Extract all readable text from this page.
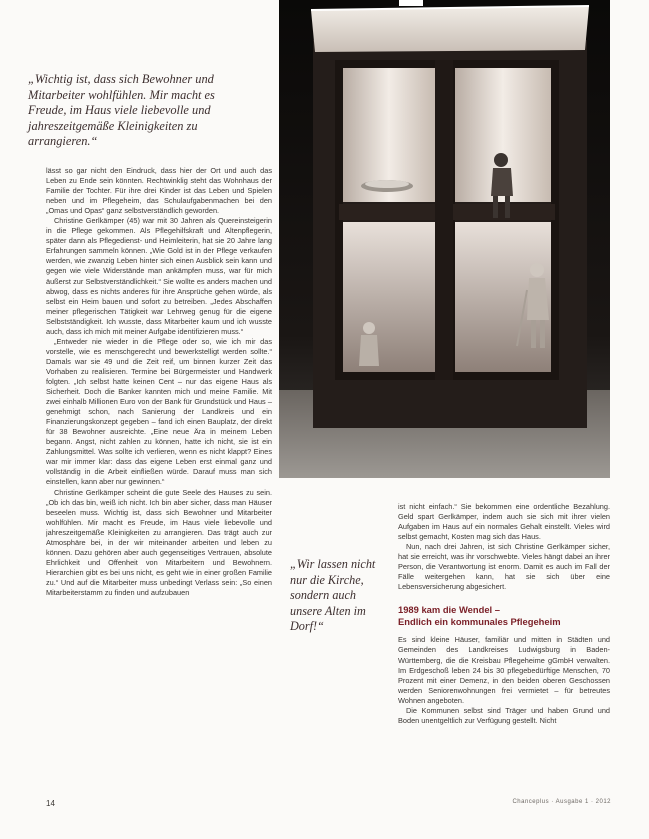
„Wichtig ist, dass sich Bewohner und Mitarbeiter wohlfühlen. Mir macht es Freude, im Haus viele liebevolle und jahreszeitgemäße Kleinigkeiten zu arrangieren.“

lässt so gar nicht den Eindruck, dass hier der Ort und auch das Leben zu Ende sein könnten. Rechtwinklig steht das Wohnhaus der Familie der Tochter. Für ihre drei Kinder ist das Leben und Spielen neben und im Pflegeheim, das Schulaufgabenmachen bei den „Omas und Opas“ ganz selbstverständlich geworden.

Christine Gerlkämper (45) war mit 30 Jahren als Quereinsteigerin in die Pflege gekommen. Als Pflegehilfskraft und Altenpflegerin, später dann als Pflegedienst- und Heimleiterin, hat sie 20 Jahre lang Erfahrungen sammeln können. „Wie Gold ist in der Pflege verkaufen werden, wie zwanzig Leben hinter sich einen Ausblick sein kann und gegen wie viele Widerstände man ankämpfen muss, war für mich äußerst zur Selbstverständlichkeit.“ Sie wollte es anders machen und abwog, dass es nichts anderes für ihre Ansprüche gehen würde, als selbst ein Heim bauen und sofort zu betreiben. „Jedes Abschaffen meiner pflegerischen Tätigkeit war Lehrweg genug für die eigene Selbstständigkeit. Ich wusste, dass Mitarbeiter kaum und ich wusste auch, dass ich mich mit meiner Aufgabe identifizieren muss.“

„Entweder nie wieder in die Pflege oder so, wie ich mir das vorstelle, wie es menschgerecht und bewerkstelligt werden sollte.“ Damals war sie 49 und die Zeit reif, um binnen kurzer Zeit das Vorhaben zu realisieren. Termine bei Bürgermeister und Handwerk folgten. „Ich selbst hatte keinen Cent – nur das eigene Haus als Sicherheit. Doch die Banker kannten mich und meine Familie. Mit zwei einhalb Millionen Euro von der Bank für Grundstück und Haus – genehmigt schon, nach Sanierung der Landkreis und ein Finanzierungskonzept gegeben – fand ich einen Bauplatz, der direkt für 38 Bewohner ausreichte. „Eine neue Ära in meinem Leben begann. Angst, nicht zahlen zu können, hatte ich nicht, sie ist ein Zahlungsmittel. Was sollte ich verlieren, wenn es nicht klappt? Eines war mir immer klar: dass das eigene Leben erst einmal ganz und vollständig in die Arbeit einfließen würde. Darauf muss man sich einstellen, kann aber nur gewinnen.“

Christine Gerlkämper scheint die gute Seele des Hauses zu sein. „Ob ich das bin, weiß ich nicht. Ich bin aber sicher, dass man Häuser beseelen muss. Wichtig ist, dass sich Bewohner und Mitarbeiter wohlfühlen. Mir macht es Freude, im Haus viele liebevolle und jahreszeitgemäße Kleinigkeiten zu arrangieren. Das trägt auch zur Atmosphäre bei, in der wir miteinander arbeiten und leben zu können. Dazu gehören aber auch gegenseitiges Vertrauen, absolute Ehrlichkeit und Offenheit von Mitarbeitern und Bewohnern. Hierarchien gibt es bei uns nicht, es geht wie in einer großen Familie zu.“ Und auf die Mitarbeiter muss unbedingt Verlass sein: „So einen Mitarbeiterstamm zu finden und aufzubauen

„Wir lassen nicht nur die Kirche, sondern auch unsere Alten im Dorf!“

ist nicht einfach.“ Sie bekommen eine ordentliche Bezahlung. Geld spart Gerlkämper, indem auch sie sich mit ihrer vielen Aufgaben im Haus auf ein normales Gehalt einstellt. Vieles wird selbst gemacht, Kosten mag sich das Haus.

Nun, nach drei Jahren, ist sich Christine Gerlkämper sicher, hat sie erreicht, was ihr vorschwebte. Vieles hängt dabei an ihrer Person, die Verantwortung ist enorm. Damit es auch im Fall der Fälle weitergehen kann, hat sie sich über eine Lebensversicherung abgesichert.

1989 kam die Wendel –
Endlich ein kommunales Pflegeheim

Es sind kleine Häuser, familiär und mitten in Städten und Gemeinden des Landkreises Ludwigsburg in Baden-Württemberg, die die Kreisbau Pflegeheime gGmbH verwalten. Im Erdgeschoß leben 24 bis 30 pflegebedürftige Menschen, 70 Prozent mit einer Demenz, in den beiden oberen Geschossen werden Seniorenwohnungen frei vermietet – für betreutes Wohnen angeboten.

Die Kommunen selbst sind Träger und haben Grund und Boden unentgeltlich zur Verfügung gestellt. Nicht

14	Chanceplus · Ausgabe 1 · 2012
